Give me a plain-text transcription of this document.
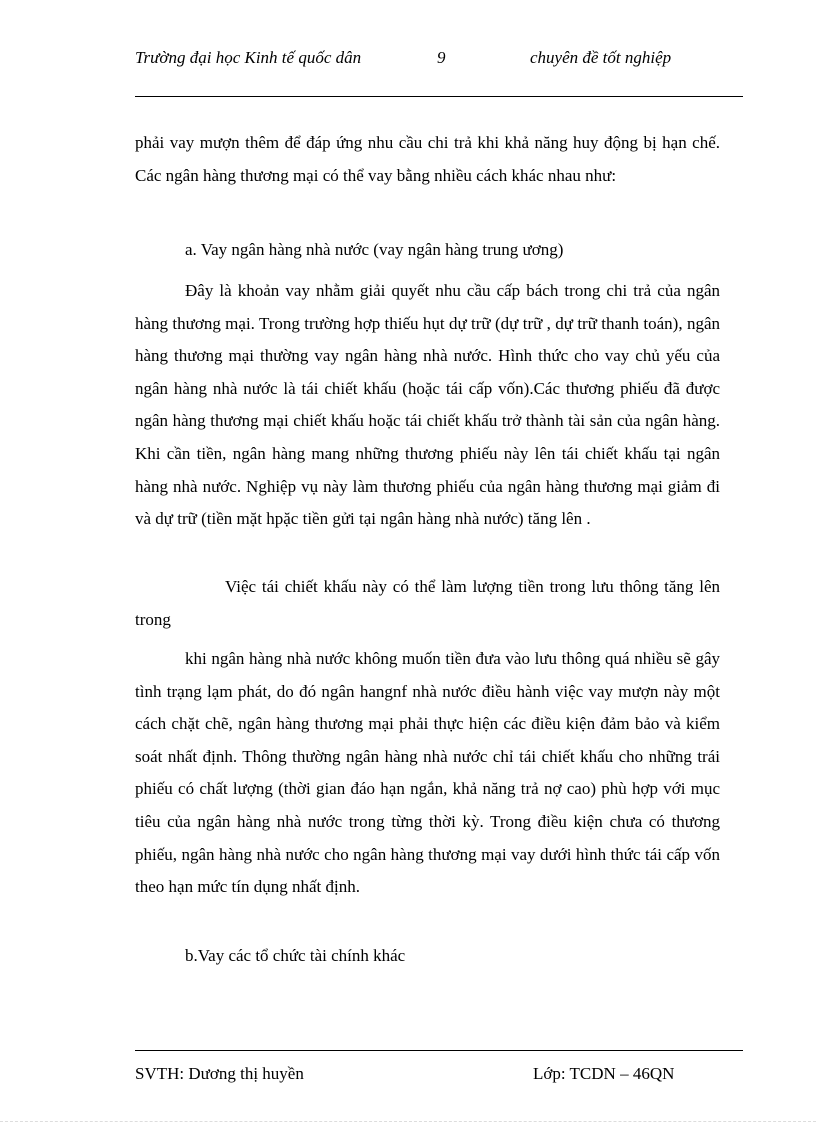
Trường đại học Kinh tế quốc dân	9	chuyên đề tốt nghiệp

phải vay mượn thêm để đáp ứng nhu cầu chi trả khi khả năng huy động bị hạn chế. Các ngân hàng thương mại có thể vay bằng nhiều cách khác nhau như:

a. Vay ngân hàng nhà nước (vay ngân hàng trung ương)

Đây là khoản vay nhằm giải quyết nhu cầu cấp bách trong chi trả của ngân hàng thương mại. Trong trường hợp thiếu hụt dự trữ (dự trữ , dự trữ thanh toán), ngân hàng thương mại thường vay ngân hàng nhà nước. Hình thức cho vay chủ yếu của ngân hàng nhà nước là tái chiết khấu (hoặc tái cấp vốn).Các thương phiếu đã được ngân hàng thương mại chiết khấu hoặc tái chiết khấu trở thành tài sản của ngân hàng. Khi cần tiền, ngân hàng mang những thương phiếu này lên tái chiết khấu tại ngân hàng nhà nước. Nghiệp vụ này làm thương phiếu của ngân hàng thương mại giảm đi và dự trữ (tiền mặt hpặc tiền gửi tại ngân hàng nhà nước) tăng lên .

Việc tái chiết khấu này có thể làm lượng tiền trong lưu thông tăng lên trong

khi ngân hàng nhà nước không muốn tiền đưa vào lưu thông quá nhiều sẽ gây tình trạng lạm phát, do đó ngân hangnf nhà nước điều hành việc vay mượn này một cách chặt chẽ, ngân hàng thương mại phải thực hiện các điều kiện đảm bảo và kiểm soát nhất định. Thông thường ngân hàng nhà nước chỉ tái chiết khấu cho những trái phiếu có chất lượng (thời gian đáo hạn ngắn, khả năng trả nợ cao) phù hợp với mục tiêu của ngân hàng nhà nước trong từng thời kỳ. Trong điều kiện chưa có thương phiếu, ngân hàng nhà nước cho ngân hàng thương mại vay dưới hình thức tái cấp vốn theo hạn mức tín dụng nhất định.

b.Vay các tổ chức tài chính khác

SVTH: Dương thị huyền	Lớp: TCDN – 46QN
